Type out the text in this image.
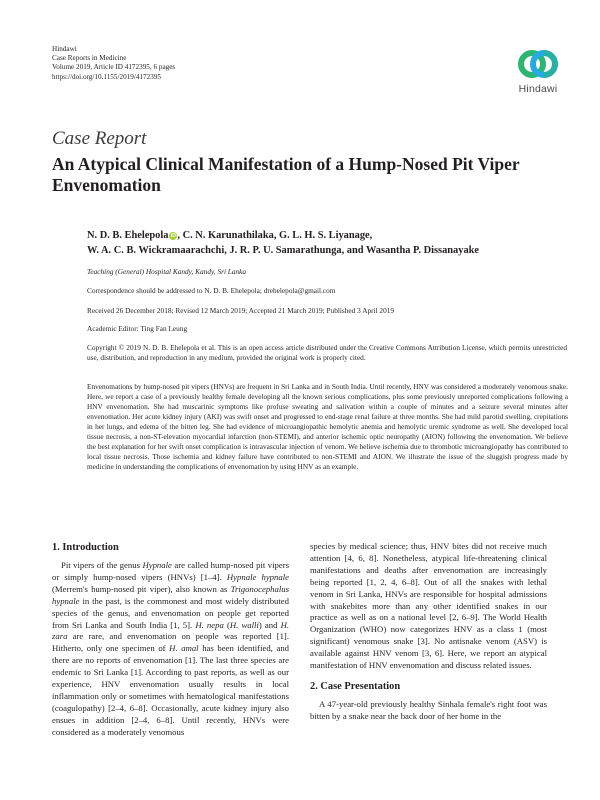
Hindawi
Case Reports in Medicine
Volume 2019, Article ID 4172395, 6 pages
https://doi.org/10.1155/2019/4172395
Hindawi
Case Report
An Atypical Clinical Manifestation of a Hump-Nosed Pit Viper Envenomation
N. D. B. Ehelepola iD , C. N. Karunathilaka, G. L. H. S. Liyanage,
W. A. C. B. Wickramaarachchi, J. R. P. U. Samarathunga, and Wasantha P. Dissanayake
Teaching (General) Hospital Kandy, Kandy, Sri Lanka
Correspondence should be addressed to N. D. B. Ehelepola; drehelepola@gmail.com
Received 26 December 2018; Revised 12 March 2019; Accepted 21 March 2019; Published 3 April 2019
Academic Editor: Ting Fan Leung
Copyright © 2019 N. D. B. Ehelepola et al. This is an open access article distributed under the Creative Commons Attribution License, which permits unrestricted use, distribution, and reproduction in any medium, provided the original work is properly cited.
Envenomations by hump-nosed pit vipers (HNVs) are frequent in Sri Lanka and in South India. Until recently, HNV was considered a moderately venomous snake. Here, we report a case of a previously healthy female developing all the known serious complications, plus some previously unreported complications following a HNV envenomation. She had muscarinic symptoms like profuse sweating and salivation within a couple of minutes and a seizure several minutes after envenomation. Her acute kidney injury (AKI) was swift onset and progressed to end-stage renal failure at three months. She had mild parotid swelling, crepitations in her lungs, and edema of the bitten leg. She had evidence of microangiopathic hemolytic anemia and hemolytic uremic syndrome as well. She developed local tissue necrosis, a non-ST-elevation myocardial infarction (non-STEMI), and anterior ischemic optic neuropathy (AION) following the envenomation. We believe the best explanation for her swift onset complication is intravascular injection of venom. We believe ischemia due to thrombotic microangiopathy has contributed to local tissue necrosis. Those ischemia and kidney failure have contributed to non-STEMI and AION. We illustrate the issue of the sluggish progress made by medicine in understanding the complications of envenomation by using HNV as an example.
1. Introduction

Pit vipers of the genus Hypnale are called hump-nosed pit vipers or simply hump-nosed vipers (HNVs) [1–4]. Hypnale hypnale (Merrem's hump-nosed pit viper), also known as Trigonocephalus hypnale in the past, is the commonest and most widely distributed species of the genus, and envenomation on people get reported from Sri Lanka and South India [1, 5]. H. nepa (H. walli) and H. zara are rare, and envenomation on people was reported [1]. Hitherto, only one specimen of H. amal has been identified, and there are no reports of envenomation [1]. The last three species are endemic to Sri Lanka [1]. According to past reports, as well as our experience, HNV envenomation usually results in local inflammation only or sometimes with hematological manifestations (coagulopathy) [2–4, 6–8]. Occasionally, acute kidney injury also ensues in addition [2–4, 6–8]. Until recently, HNVs were considered as a moderately venomous

species by medical science; thus, HNV bites did not receive much attention [4, 6, 8]. Nonetheless, atypical life-threatening clinical manifestations and deaths after envenomation are increasingly being reported [1, 2, 4, 6–8]. Out of all the snakes with lethal venom in Sri Lanka, HNVs are responsible for hospital admissions with snakebites more than any other identified snakes in our practice as well as on a national level [2, 6–9]. The World Health Organization (WHO) now categorizes HNV as a class 1 (most significant) venomous snake [3]. No antisnake venom (ASV) is available against HNV venom [3, 6]. Here, we report an atypical manifestation of HNV envenomation and discuss related issues.

2. Case Presentation

A 47-year-old previously healthy Sinhala female's right foot was bitten by a snake near the back door of her home in the
